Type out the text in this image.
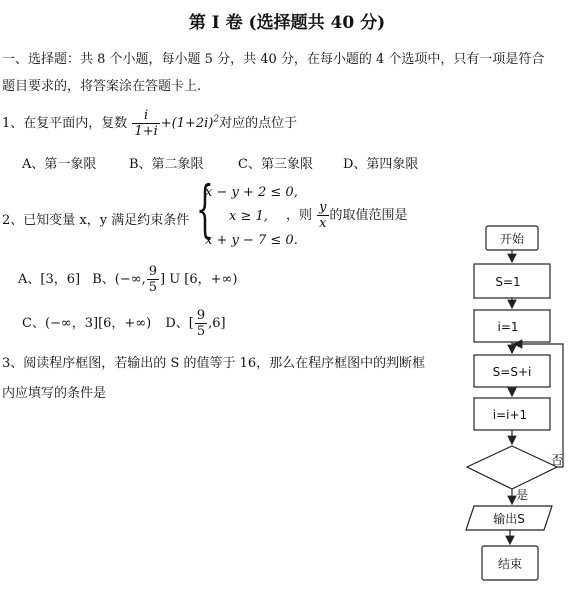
第 I 卷 (选择题共 40 分)
一、选择题：共 8 个小题，每小题 5 分，共 40 分，在每小题的 4 个选项中，只有一项是符合
题目要求的，将答案涂在答题卡上.
1、在复平面内，复数 $\frac{i}{1+i} +(1+2i)^2$对应的点位于
A、第一象限	B、第二象限	C、第三象限 D、第四象限
2、已知变量 x，y 满足约束条件 {
x − y + 2 ≤ 0,
x ≥ 1,
x + y − 7 ≤ 0.
，则 $\frac{y}{x}$ 的取值范围是
A、[3，6] B、(−∞, $\frac{9}{5}$ ] U [6，+∞)
C、(−∞，3][6，+∞) D、[ $\frac{9}{5} ,6$]
3、阅读程序框图，若输出的 S 的值等于 16，那么在程序框图中的判断框
内应填写的条件是
开始
S=1
i=1
S=S+i
i=i+1
否
是
输出S
结束
